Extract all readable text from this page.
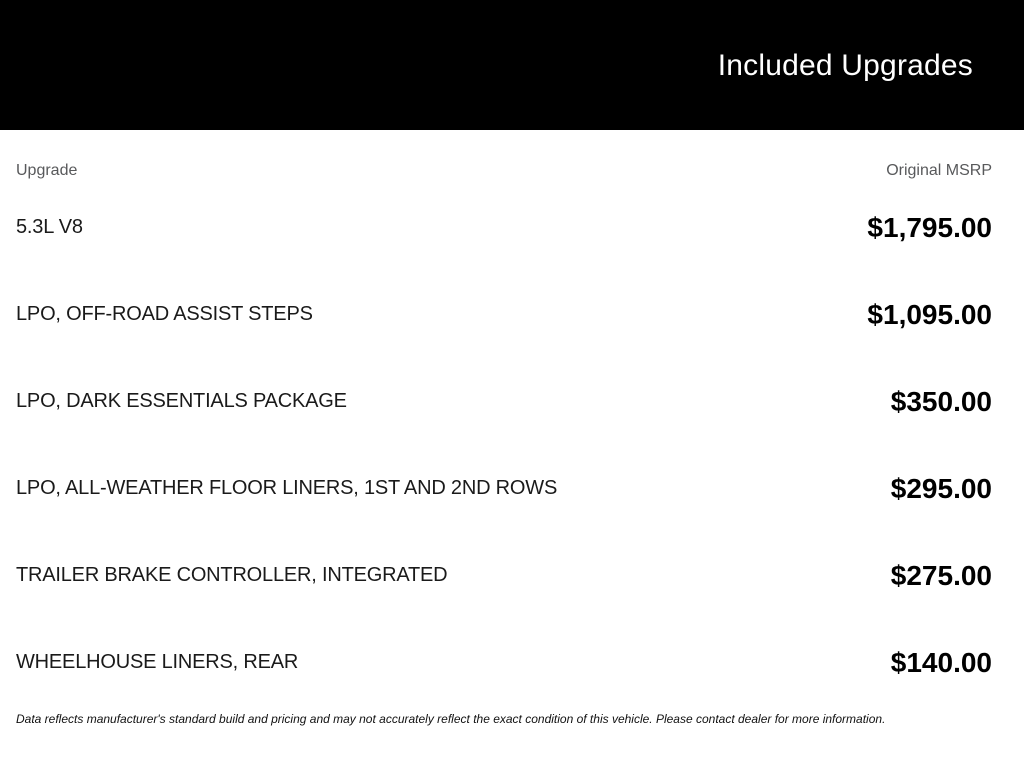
Included Upgrades
Upgrade	Original MSRP
5.3L V8	$1,795.00
LPO, OFF-ROAD ASSIST STEPS	$1,095.00
LPO, DARK ESSENTIALS PACKAGE	$350.00
LPO, ALL-WEATHER FLOOR LINERS, 1ST AND 2ND ROWS	$295.00
TRAILER BRAKE CONTROLLER, INTEGRATED	$275.00
WHEELHOUSE LINERS, REAR	$140.00
Data reflects manufacturer's standard build and pricing and may not accurately reflect the exact condition of this vehicle. Please contact dealer for more information.
